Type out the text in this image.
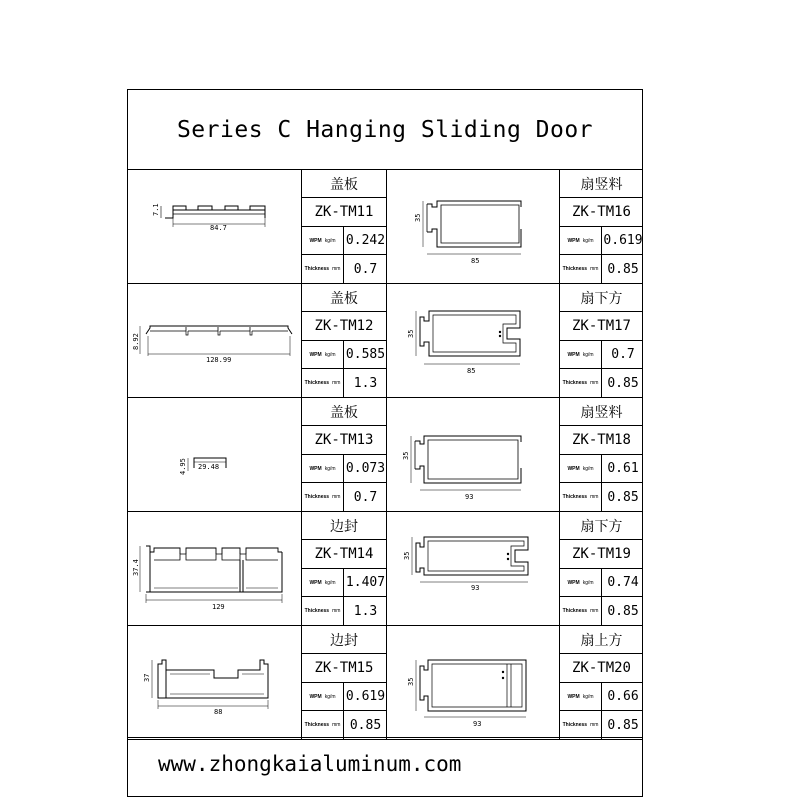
Series C Hanging Sliding Door
7.1
84.7
盖板
ZK-TM11
WPM kg/m 0.242
Thickness mm	0.7
35
85
扇竖料
ZK-TM16
WPM kg/m 0.619
Thickness mm 0.85
8.92
128.99
盖板
ZK-TM12
WPM kg/m 0.585
Thickness mm	1.3
35
85
扇下方
ZK-TM17
WPM kg/m	0.7
Thickness mm 0.85
4.95 29.48
盖板
ZK-TM13
WPM kg/m 0.073
Thickness mm	0.7
35
93
扇竖料
ZK-TM18
WPM kg/m	0.61
Thickness mm 0.85
37.4
129
边封
ZK-TM14
WPM kg/m 1.407
Thickness mm	1.3
35
93
扇下方
ZK-TM19
WPM kg/m	0.74
Thickness mm 0.85
37
88
边封
ZK-TM15
WPM kg/m 0.619
Thickness mm 0.85
35
93
扇上方
ZK-TM20
WPM kg/m	0.66
Thickness mm 0.85
www.zhongkaialuminum.com
